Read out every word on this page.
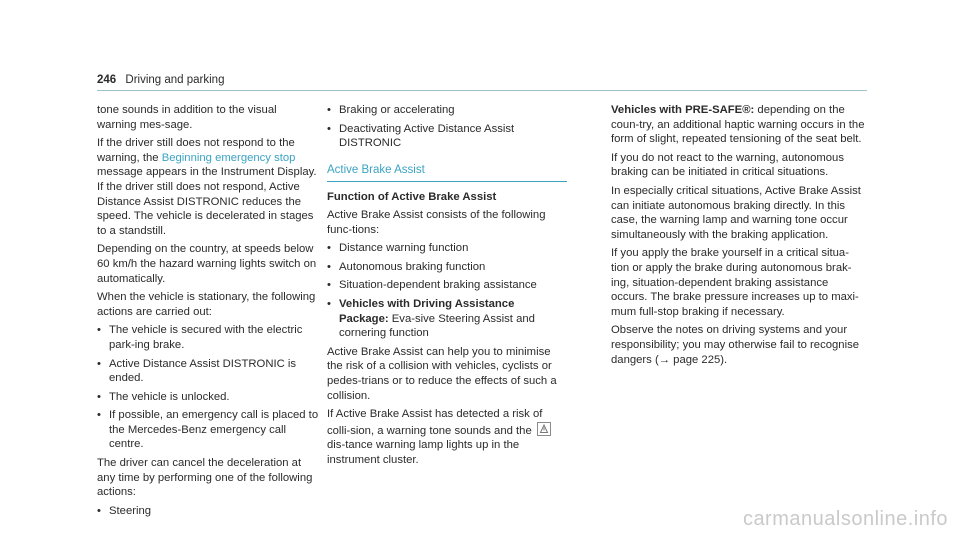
246 Driving and parking

tone sounds in addition to the visual warning mes-sage.

If the driver still does not respond to the warning, the Beginning emergency stop message appears in the Instrument Display. If the driver still does not respond, Active Distance Assist DISTRONIC reduces the speed. The vehicle is decelerated in stages to a standstill.

Depending on the country, at speeds below 60 km/h the hazard warning lights switch on automatically.

When the vehicle is stationary, the following actions are carried out:

• The vehicle is secured with the electric park-ing brake.
• Active Distance Assist DISTRONIC is ended.
• The vehicle is unlocked.
• If possible, an emergency call is placed to the Mercedes-Benz emergency call centre.

The driver can cancel the deceleration at any time by performing one of the following actions:

• Steering
• Braking or accelerating
• Deactivating Active Distance Assist DISTRONIC
Active Brake Assist
Function of Active Brake Assist

Active Brake Assist consists of the following func-tions:

• Distance warning function
• Autonomous braking function
• Situation-dependent braking assistance
• Vehicles with Driving Assistance Package: Eva-sive Steering Assist and cornering function

Active Brake Assist can help you to minimise the risk of a collision with vehicles, cyclists or pedes-trians or to reduce the effects of such a collision.

If Active Brake Assist has detected a risk of colli-sion, a warning tone sounds and the
dis-tance warning lamp lights up in the instrument cluster.

Vehicles with PRE-SAFE®: depending on the coun-try, an additional haptic warning occurs in the form of slight, repeated tensioning of the seat belt.

If you do not react to the warning, autonomous braking can be initiated in critical situations.

In especially critical situations, Active Brake Assist can initiate autonomous braking directly. In this case, the warning lamp and warning tone occur simultaneously with the braking application.

If you apply the brake yourself in a critical situa-tion or apply the brake during autonomous brak-ing, situation-dependent braking assistance occurs. The brake pressure increases up to maxi-mum full-stop braking if necessary.

Observe the notes on driving systems and your responsibility; you may otherwise fail to recognise dangers (→ page 225).

carmanualsonline.info
